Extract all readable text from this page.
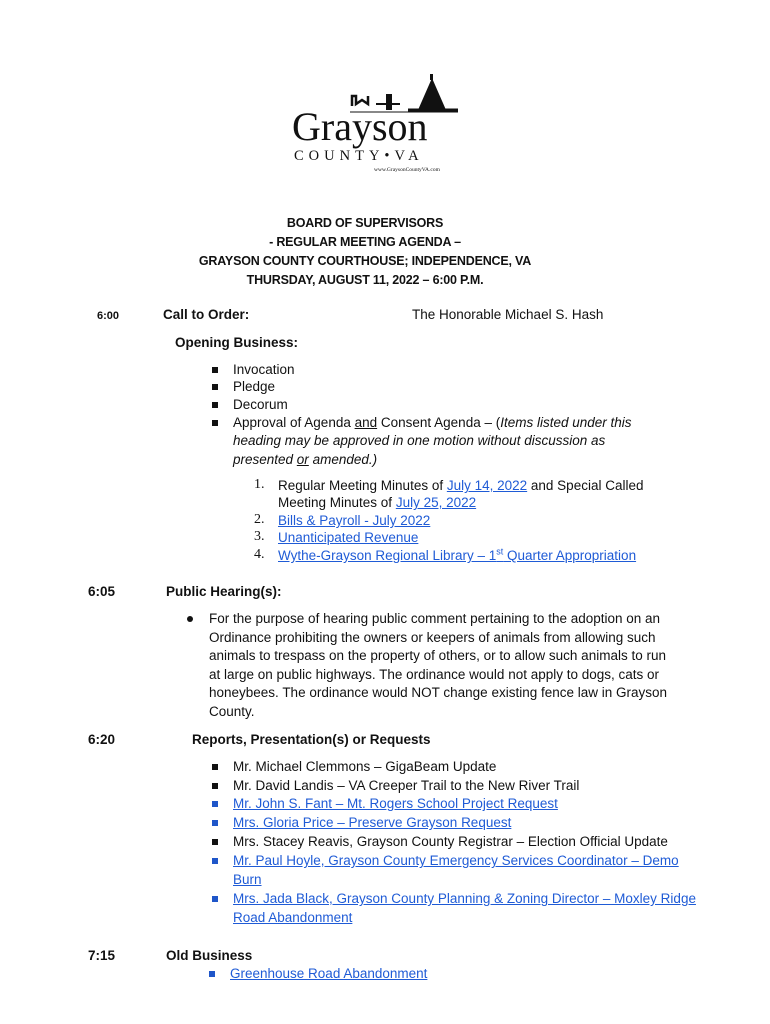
Grayson
COUNTY•VA
www.GraysonCountyVA.com
BOARD OF SUPERVISORS
- REGULAR MEETING AGENDA –
GRAYSON COUNTY COURTHOUSE; INDEPENDENCE, VA
THURSDAY, AUGUST 11, 2022 – 6:00 P.M.
6:00	Call to Order:	The Honorable Michael S. Hash
Opening Business:
Invocation
Pledge
Decorum
Approval of Agenda and Consent Agenda – (Items listed under this
heading may be approved in one motion without discussion as
presented or amended.)
1. Regular Meeting Minutes of July 14, 2022 and Special Called
Meeting Minutes of July 25, 2022
2. Bills & Payroll - July 2022
3. Unanticipated Revenue
4. Wythe-Grayson Regional Library – 1st Quarter Appropriation
6:05	Public Hearing(s):
For the purpose of hearing public comment pertaining to the adoption on an
Ordinance prohibiting the owners or keepers of animals from allowing such
animals to trespass on the property of others, or to allow such animals to run
at large on public highways. The ordinance would not apply to dogs, cats or
honeybees. The ordinance would NOT change existing fence law in Grayson
County.
6:20	Reports, Presentation(s) or Requests
Mr. Michael Clemmons – GigaBeam Update
Mr. David Landis – VA Creeper Trail to the New River Trail
Mr. John S. Fant – Mt. Rogers School Project Request
Mrs. Gloria Price – Preserve Grayson Request
Mrs. Stacey Reavis, Grayson County Registrar – Election Official Update
Mr. Paul Hoyle, Grayson County Emergency Services Coordinator – Demo
Burn
Mrs. Jada Black, Grayson County Planning & Zoning Director – Moxley Ridge
Road Abandonment
7:15	Old Business
Greenhouse Road Abandonment
